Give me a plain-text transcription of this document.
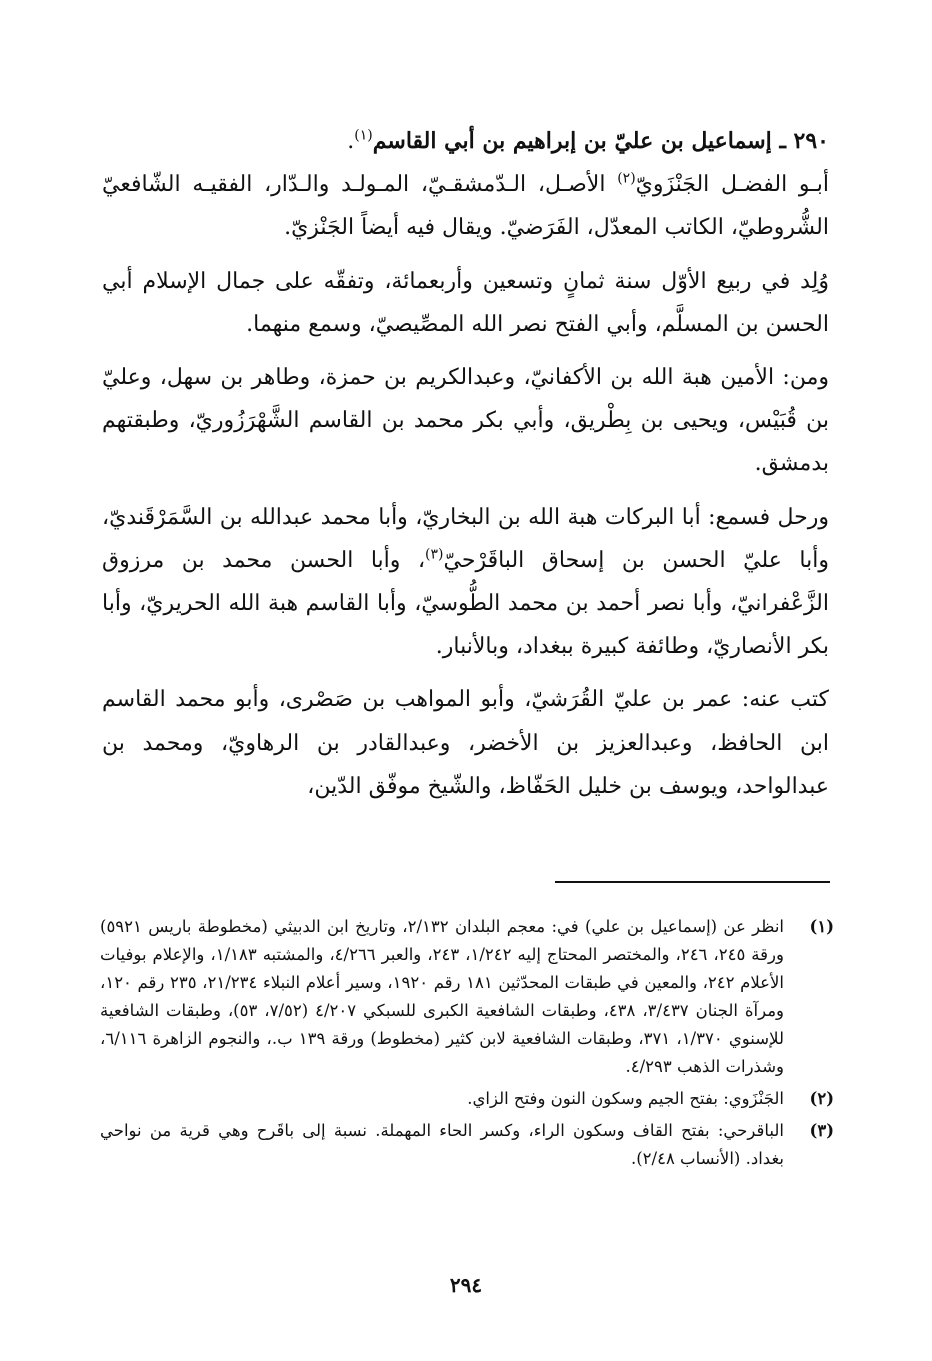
٢٩٠ ـ إسماعيل بن عليّ بن إبراهيم بن أبي القاسم$^{(١)}$.

أبـو الفضـل الجَنْزَويّ$^{(٢)}$ الأصـل، الـدّمشقـيّ، المـولـد والـدّار، الفقيـه الشّافعيّ الشُّروطيّ، الكاتب المعدّل، الفَرَضيّ. ويقال فيه أيضاً الجَنْزيّ.

وُلِد في ربيع الأوّل سنة ثمانٍ وتسعين وأربعمائة، وتفقّه على جمال الإسلام أبي الحسن بن المسلَّم، وأبي الفتح نصر الله المصِّيصيّ، وسمع منهما.

ومن: الأمين هبة الله بن الأكفانيّ، وعبدالكريم بن حمزة، وطاهر بن سهل، وعليّ بن قُبَيْس، ويحيى بن بِطْريق، وأبي بكر محمد بن القاسم الشَّهْرَزُوريّ، وطبقتهم بدمشق.

ورحل فسمع: أبا البركات هبة الله بن البخاريّ، وأبا محمد عبدالله بن السَّمَرْقَنديّ، وأبا عليّ الحسن بن إسحاق الباقَرْحيّ$^{(٣)}$، وأبا الحسن محمد بن مرزوق الزَّعْفرانيّ، وأبا نصر أحمد بن محمد الطُّوسيّ، وأبا القاسم هبة الله الحريريّ، وأبا بكر الأنصاريّ، وطائفة كبيرة ببغداد، وبالأنبار.

كتب عنه: عمر بن عليّ القُرَشيّ، وأبو المواهب بن صَصْرى، وأبو محمد القاسم ابن الحافظ، وعبدالعزيز بن الأخضر، وعبدالقادر بن الرهاويّ، ومحمد بن عبدالواحد، ويوسف بن خليل الحَفّاظ، والشّيخ موفّق الدّين،

(١)
انظر عن (إسماعيل بن علي) في: معجم البلدان ٢/١٣٢، وتاريخ ابن الدبيثي (مخطوطة باريس ٥٩٢١) ورقة ٢٤٥، ٢٤٦، والمختصر المحتاج إليه ١/٢٤٢، ٢٤٣، والعبر ٤/٢٦٦، والمشتبه ١/١٨٣، والإعلام بوفيات الأعلام ٢٤٢، والمعين في طبقات المحدّثين ١٨١ رقم ١٩٢٠، وسير أعلام النبلاء ٢١/٢٣٤، ٢٣٥ رقم ١٢٠، ومرآة الجنان ٣/٤٣٧، ٤٣٨، وطبقات الشافعية الكبرى للسبكي ٤/٢٠٧ (٧/٥٢، ٥٣)، وطبقات الشافعية للإسنوي ١/٣٧٠، ٣٧١، وطبقات الشافعية لابن كثير (مخطوط) ورقة ١٣٩ ب.، والنجوم الزاهرة ٦/١١٦، وشذرات الذهب ٤/٢٩٣.
(٢)
الجَنْزَوي: بفتح الجيم وسكون النون وفتح الزاي.
(٣)
الباقرحي: بفتح القاف وسكون الراء، وكسر الحاء المهملة. نسبة إلى باقَرح وهي قرية من نواحي بغداد. (الأنساب ٢/٤٨).
٢٩٤
